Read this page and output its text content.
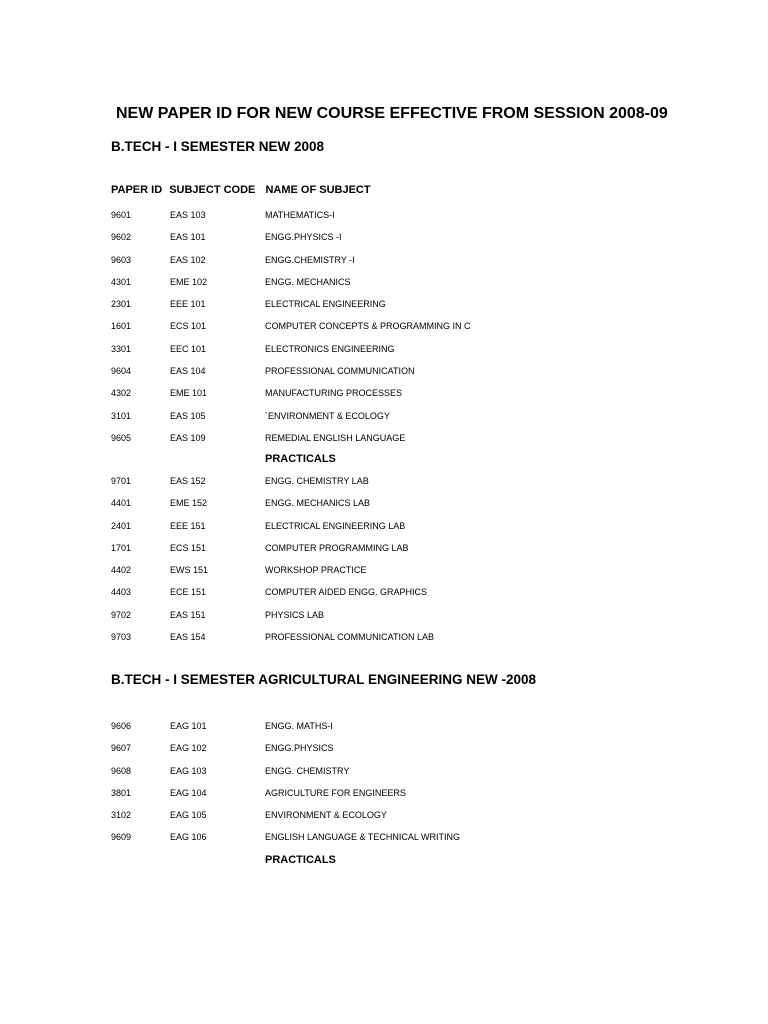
NEW PAPER ID FOR NEW COURSE EFFECTIVE FROM SESSION 2008-09
B.TECH - I SEMESTER NEW 2008
PAPER ID SUBJECT CODE NAME OF SUBJECT
9601	EAS 103	MATHEMATICS-I
9602	EAS 101	ENGG.PHYSICS -I
9603	EAS 102	ENGG.CHEMISTRY -I
4301	EME 102	ENGG. MECHANICS
2301	EEE 101	ELECTRICAL ENGINEERING
1601	ECS 101	COMPUTER CONCEPTS & PROGRAMMING IN C
3301	EEC 101	ELECTRONICS ENGINEERING
9604	EAS 104	PROFESSIONAL COMMUNICATION
4302	EME 101	MANUFACTURING PROCESSES
3101	EAS 105	`ENVIRONMENT & ECOLOGY
9605	EAS 109	REMEDIAL ENGLISH LANGUAGE
PRACTICALS
9701	EAS 152	ENGG. CHEMISTRY LAB
4401	EME 152	ENGG. MECHANICS LAB
2401	EEE 151	ELECTRICAL ENGINEERING LAB
1701	ECS 151	COMPUTER PROGRAMMING LAB
4402	EWS 151	WORKSHOP PRACTICE
4403	ECE 151	COMPUTER AIDED ENGG. GRAPHICS
9702	EAS 151	PHYSICS LAB
9703	EAS 154	PROFESSIONAL COMMUNICATION LAB
B.TECH - I SEMESTER AGRICULTURAL ENGINEERING NEW -2008
9606	EAG 101	ENGG. MATHS-I
9607	EAG 102	ENGG.PHYSICS
9608	EAG 103	ENGG. CHEMISTRY
3801	EAG 104	AGRICULTURE FOR ENGINEERS
3102	EAG 105	ENVIRONMENT & ECOLOGY
9609	EAG 106	ENGLISH LANGUAGE & TECHNICAL WRITING
PRACTICALS
